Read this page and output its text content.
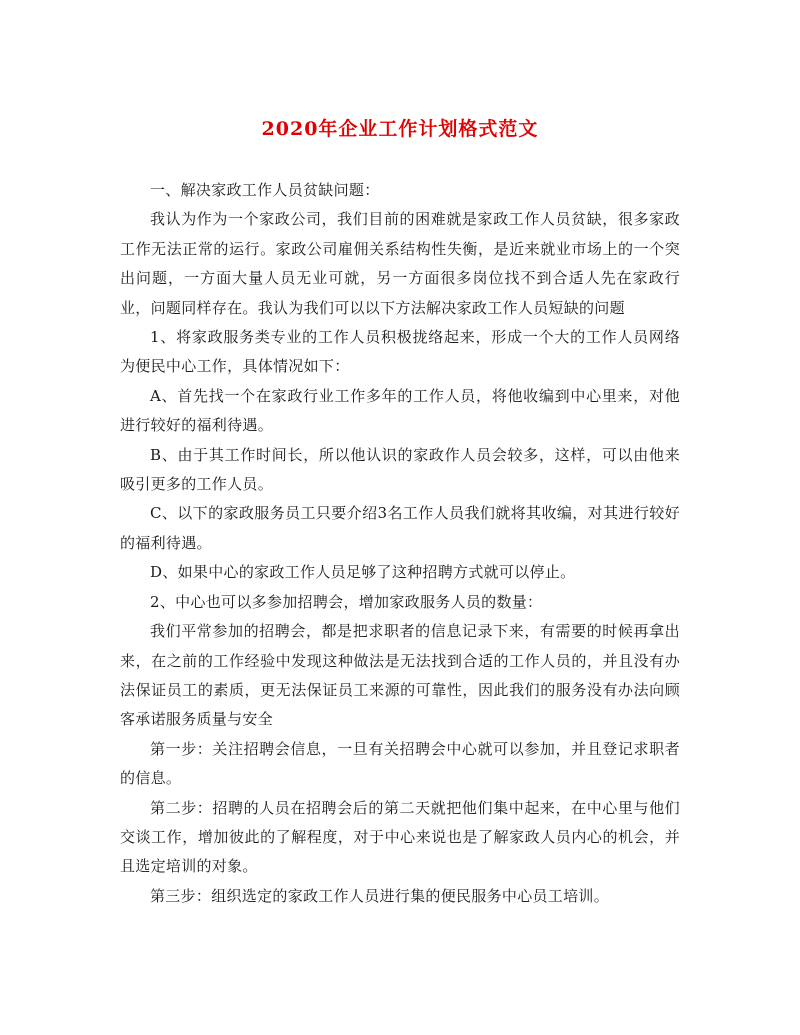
2020年企业工作计划格式范文

一、解决家政工作人员贫缺问题：

我认为作为一个家政公司，我们目前的困难就是家政工作人员贫缺，很多家政工作无法正常的运行。家政公司雇佣关系结构性失衡，是近来就业市场上的一个突出问题，一方面大量人员无业可就，另一方面很多岗位找不到合适人先在家政行业，问题同样存在。我认为我们可以以下方法解决家政工作人员短缺的问题

1、将家政服务类专业的工作人员积极拢络起来，形成一个大的工作人员网络为便民中心工作，具体情况如下：

A、首先找一个在家政行业工作多年的工作人员，将他收编到中心里来，对他进行较好的福利待遇。

B、由于其工作时间长，所以他认识的家政作人员会较多，这样，可以由他来吸引更多的工作人员。

C、以下的家政服务员工只要介绍3名工作人员我们就将其收编，对其进行较好的福利待遇。

D、如果中心的家政工作人员足够了这种招聘方式就可以停止。

2、中心也可以多参加招聘会，增加家政服务人员的数量：

我们平常参加的招聘会，都是把求职者的信息记录下来，有需要的时候再拿出来，在之前的工作经验中发现这种做法是无法找到合适的工作人员的，并且没有办法保证员工的素质，更无法保证员工来源的可靠性，因此我们的服务没有办法向顾客承诺服务质量与安全

第一步：关注招聘会信息，一旦有关招聘会中心就可以参加，并且登记求职者的信息。

第二步：招聘的人员在招聘会后的第二天就把他们集中起来，在中心里与他们交谈工作，增加彼此的了解程度，对于中心来说也是了解家政人员内心的机会，并且选定培训的对象。

第三步：组织选定的家政工作人员进行集的便民服务中心员工培训。
